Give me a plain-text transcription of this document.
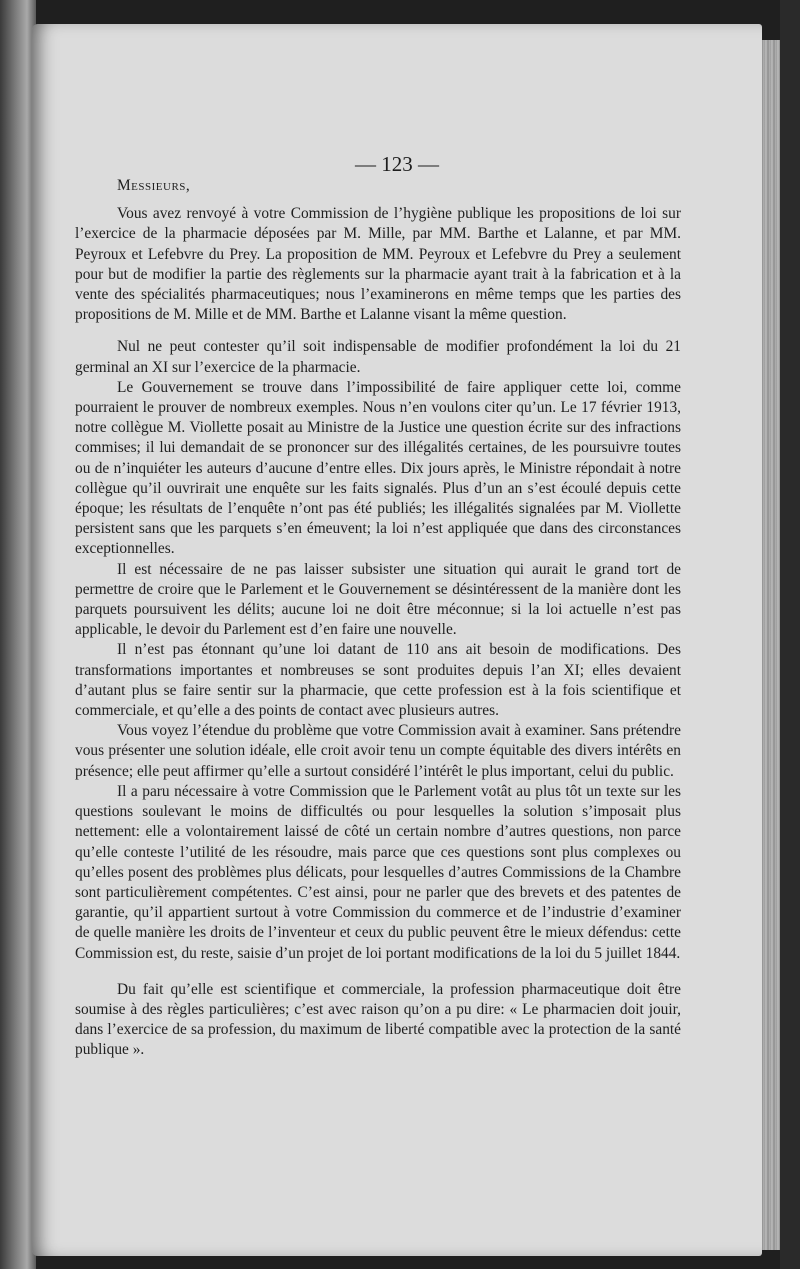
— 123 —
Messieurs,

Vous avez renvoyé à votre Commission de l’hygiène publique les propositions de loi sur l’exercice de la pharmacie déposées par M. Mille, par MM. Barthe et Lalanne, et par MM. Peyroux et Lefebvre du Prey. La proposition de MM. Peyroux et Lefebvre du Prey a seulement pour but de modifier la partie des règlements sur la pharmacie ayant trait à la fabrication et à la vente des spécialités pharmaceutiques; nous l’examinerons en même temps que les parties des propositions de M. Mille et de MM. Barthe et Lalanne visant la même question.

Nul ne peut contester qu’il soit indispensable de modifier profondément la loi du 21 germinal an XI sur l’exercice de la pharmacie.

Le Gouvernement se trouve dans l’impossibilité de faire appliquer cette loi, comme pourraient le prouver de nombreux exemples. Nous n’en voulons citer qu’un. Le 17 février 1913, notre collègue M. Viollette posait au Ministre de la Justice une question écrite sur des infractions commises; il lui demandait de se prononcer sur des illégalités certaines, de les poursuivre toutes ou de n’inquiéter les auteurs d’aucune d’entre elles. Dix jours après, le Ministre répondait à notre collègue qu’il ouvrirait une enquête sur les faits signalés. Plus d’un an s’est écoulé depuis cette époque; les résultats de l’enquête n’ont pas été publiés; les illégalités signalées par M. Viollette persistent sans que les parquets s’en émeuvent; la loi n’est appliquée que dans des circonstances exceptionnelles.

Il est nécessaire de ne pas laisser subsister une situation qui aurait le grand tort de permettre de croire que le Parlement et le Gouvernement se désintéressent de la manière dont les parquets poursuivent les délits; aucune loi ne doit être méconnue; si la loi actuelle n’est pas applicable, le devoir du Parlement est d’en faire une nouvelle.

Il n’est pas étonnant qu’une loi datant de 110 ans ait besoin de modifications. Des transformations importantes et nombreuses se sont produites depuis l’an XI; elles devaient d’autant plus se faire sentir sur la pharmacie, que cette profession est à la fois scientifique et commerciale, et qu’elle a des points de contact avec plusieurs autres.

Vous voyez l’étendue du problème que votre Commission avait à examiner. Sans prétendre vous présenter une solution idéale, elle croit avoir tenu un compte équitable des divers intérêts en présence; elle peut affirmer qu’elle a surtout considéré l’intérêt le plus important, celui du public.

Il a paru nécessaire à votre Commission que le Parlement votât au plus tôt un texte sur les questions soulevant le moins de difficultés ou pour lesquelles la solution s’imposait plus nettement: elle a volontairement laissé de côté un certain nombre d’autres questions, non parce qu’elle conteste l’utilité de les résoudre, mais parce que ces questions sont plus complexes ou qu’elles posent des problèmes plus délicats, pour lesquelles d’autres Commissions de la Chambre sont particulièrement compétentes. C’est ainsi, pour ne parler que des brevets et des patentes de garantie, qu’il appartient surtout à votre Commission du commerce et de l’industrie d’examiner de quelle manière les droits de l’inventeur et ceux du public peuvent être le mieux défendus: cette Commission est, du reste, saisie d’un projet de loi portant modifications de la loi du 5 juillet 1844.

Du fait qu’elle est scientifique et commerciale, la profession pharmaceutique doit être soumise à des règles particulières; c’est avec raison qu’on a pu dire: « Le pharmacien doit jouir, dans l’exercice de sa profession, du maximum de liberté compatible avec la protection de la santé publique ».
